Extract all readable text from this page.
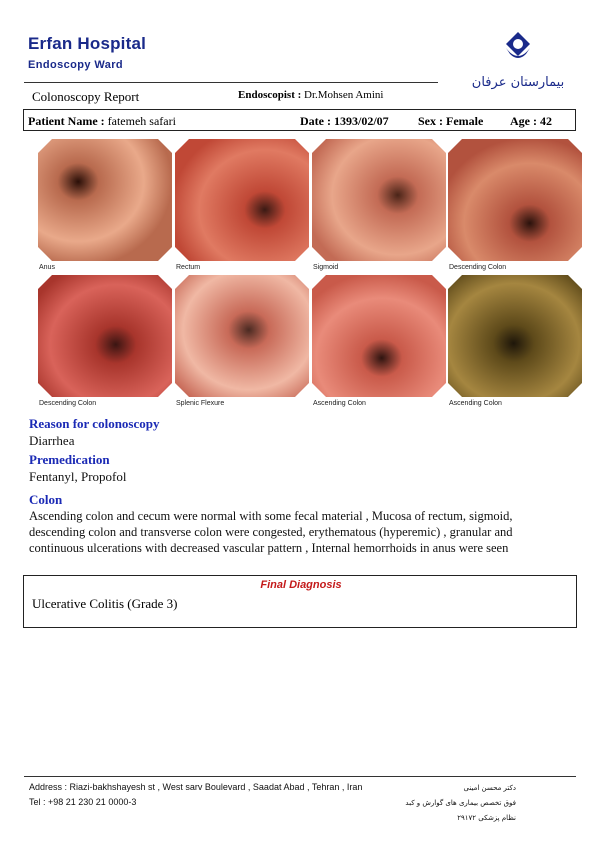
Erfan Hospital
Endoscopy Ward
بیمارستان عرفان
Colonoscopy Report	Endoscopist : Dr.Mohsen Amini
Patient Name : fatemeh safari	Date : 1393/02/07 Sex : Female Age : 42
Reason for colonoscopy
Diarrhea
Premedication
Fentanyl, Propofol
Colon
Ascending colon and cecum were normal with some fecal material , Mucosa of rectum, sigmoid,
descending colon and transverse colon were congested, erythematous (hyperemic) , granular and
continuous ulcerations with decreased vascular pattern , Internal hemorrhoids in anus were seen
Final Diagnosis
Ulcerative Colitis (Grade 3)
Address : Riazi-bakhshayesh st , West sarv Boulevard , Saadat Abad , Tehran , Iran
Tel : +98 21 230 21 0000-3
دکتر محسن امینی
فوق تخصص بیماری های گوارش و کبد
نظام پزشکی ۲۹۱۷۲
Anus	Rectum	Sigmoid	Descending Colon
Descending Colon	Splenic Flexure	Ascending Colon	Ascending Colon
